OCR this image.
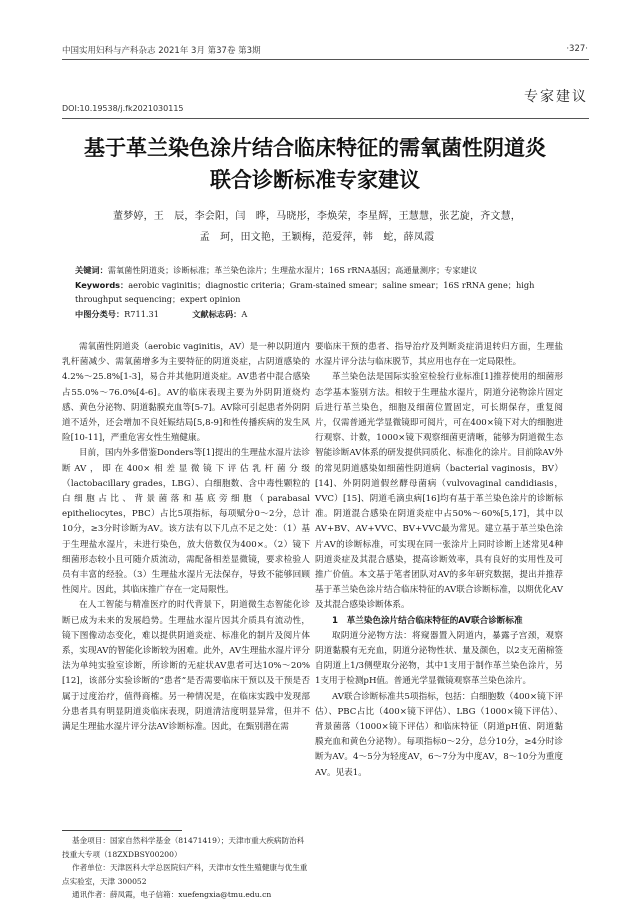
中国实用妇科与产科杂志 2021年 3月 第37卷 第3期	·327·
专家建议
DOI:10.19538/j.fk2021030115
基于革兰染色涂片结合临床特征的需氧菌性阴道炎
联合诊断标准专家建议
董梦婷，王　辰，李会阳，闫　晔，马晓彤，李焕荣，李星辉，王慧慧，张艺旋，齐文慧，
孟　珂，田文艳，王颖梅，范爱萍，韩　蛇，薛凤霞
关键词：需氧菌性阴道炎；诊断标准；革兰染色涂片；生理盐水湿片；16S rRNA基因；高通量测序；专家建议
Keywords：aerobic vaginitis；diagnostic criteria；Gram-stained smear；saline smear；16S rRNA gene；high throughput sequencing；expert opinion
中图分类号：R711.31	文献标志码：A

需氧菌性阴道炎（aerobic vaginitis，AV）是一种以阴道内乳杆菌减少、需氧菌增多为主要特征的阴道炎症，占阴道感染的4.2%～25.8%[1-3]，易合并其他阴道炎症。AV患者中混合感染占55.0%～76.0%[4-6]。AV的临床表现主要为外阴阴道烧灼感、黄色分泌物、阴道黏膜充血等[5-7]。AV除可引起患者外阴阴道不适外，还会增加不良妊娠结局[5,8-9]和性传播疾病的发生风险[10-11]，严重危害女性生殖健康。

目前，国内外多借鉴Donders等[1]提出的生理盐水湿片法诊断AV，即在400×相差显微镜下评估乳杆菌分级（lactobacillary grades，LBG）、白细胞数、含中毒性颗粒的白细胞占比、背景菌落和基底旁细胞（parabasal epitheliocytes，PBC）占比5项指标，每项赋分0～2分，总计10分，≥3分时诊断为AV。该方法有以下几点不足之处：（1）基于生理盐水湿片，未进行染色，放大倍数仅为400×。（2）镜下细菌形态较小且可随介质流动，需配备相差显微镜，要求检验人员有丰富的经验。（3）生理盐水湿片无法保存，导致不能够回顾性阅片。因此，其临床推广存在一定局限性。

在人工智能与精准医疗的时代背景下，阴道微生态智能化诊断已成为未来的发展趋势。生理盐水湿片因其介质具有流动性，镜下图像动态变化，难以提供阴道炎症、标准化的制片及阅片体系，实现AV的智能化诊断较为困难。此外，AV生理盐水湿片评分法为单纯实验室诊断，所诊断的无症状AV患者可达10%～20%[12]，该部分实验诊断的“患者”是否需要临床干预以及干预是否属于过度治疗，值得商榷。另一种情况是，在临床实践中发现部分患者具有明显阴道炎临床表现，阴道清洁度明显异常，但并不满足生理盐水湿片评分法AV诊断标准。因此，在甄别潜在需

基金项目：国家自然科学基金（81471419）；天津市重大疾病防治科技重大专项（18ZXDBSY00200）

作者单位：天津医科大学总医院妇产科，天津市女性生殖健康与优生重点实验室，天津 300052

通讯作者：薛凤霞，电子信箱：xuefengxia@tmu.edu.cn

要临床干预的患者、指导治疗及判断炎症消退转归方面，生理盐水湿片评分法与临床脱节，其应用也存在一定局限性。

革兰染色法是国际实验室检验行业标准[1]推荐使用的细菌形态学基本鉴别方法。相较于生理盐水湿片，阴道分泌物涂片固定后进行革兰染色，细胞及细菌位置固定，可长期保存，重复阅片，仅需普通光学显微镜即可阅片，可在400×镜下对大的细胞进行观察、计数，1000×镜下观察细菌更清晰，能够为阴道微生态智能诊断AV体系的研发提供同质化、标准化的涂片。目前除AV外的常见阴道感染如细菌性阴道病（bacterial vaginosis，BV）[14]、外阴阴道假丝酵母菌病（vulvovaginal candidiasis，VVC）[15]、阴道毛滴虫病[16]均有基于革兰染色涂片的诊断标准。阴道混合感染在阴道炎症中占50%～60%[5,17]，其中以AV+BV、AV+VVC、BV+VVC最为常见。建立基于革兰染色涂片AV的诊断标准，可实现在同一张涂片上同时诊断上述常见4种阴道炎症及其混合感染，提高诊断效率，具有良好的实用性及可推广价值。本文基于笔者团队对AV的多年研究数据，提出并推荐基于革兰染色涂片结合临床特征的AV联合诊断标准，以期优化AV及其混合感染诊断体系。

1　革兰染色涂片结合临床特征的AV联合诊断标准

取阴道分泌物方法：将窥器置入阴道内，暴露子宫颈，观察阴道黏膜有无充血，阴道分泌物性状、量及颜色，以2支无菌棉签自阴道上1/3侧壁取分泌物，其中1支用于制作革兰染色涂片，另1支用于检测pH值。普通光学显微镜观察革兰染色涂片。

AV联合诊断标准共5项指标，包括：白细胞数（400×镜下评估）、PBC占比（400×镜下评估）、LBG（1000×镜下评估）、背景菌落（1000×镜下评估）和临床特征（阴道pH值、阴道黏膜充血和黄色分泌物）。每项指标0～2分，总分10分，≥4分时诊断为AV。4～5分为轻度AV，6～7分为中度AV，8～10分为重度AV。见表1。
